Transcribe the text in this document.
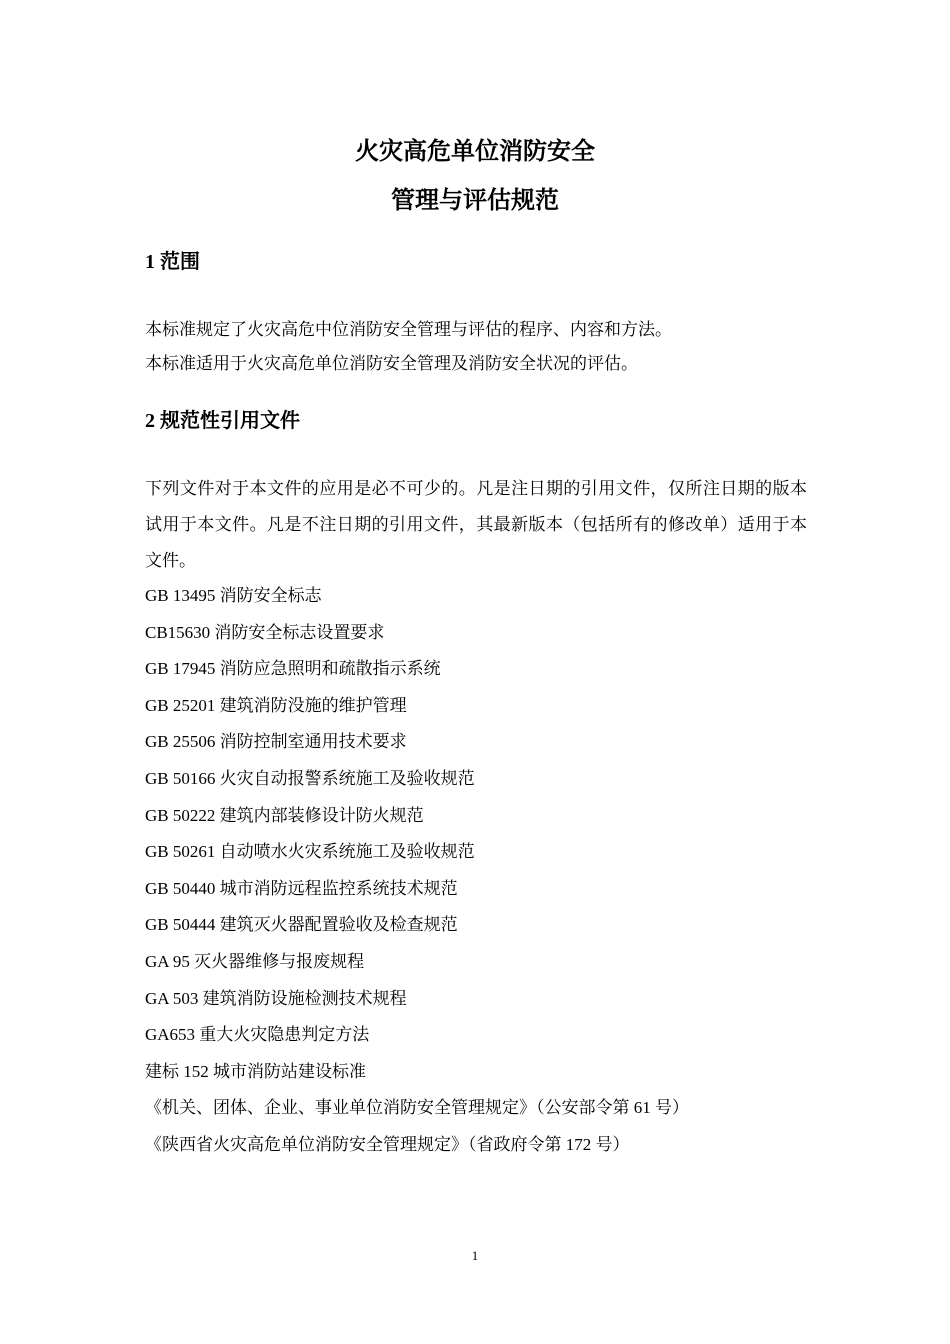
火灾高危单位消防安全
管理与评估规范
1 范围
本标准规定了火灾高危中位消防安全管理与评估的程序、内容和方法。
本标准适用于火灾高危单位消防安全管理及消防安全状况的评估。
2 规范性引用文件
下列文件对于本文件的应用是必不可少的。凡是注日期的引用文件，仅所注日期的版本试用于本文件。凡是不注日期的引用文件，其最新版本（包括所有的修改单）适用于本文件。
GB 13495 消防安全标志
CB15630 消防安全标志设置要求
GB 17945 消防应急照明和疏散指示系统
GB 25201 建筑消防没施的维护管理
GB 25506 消防控制室通用技术要求
GB 50166 火灾自动报警系统施工及验收规范
GB 50222 建筑内部装修设计防火规范
GB 50261 自动喷水火灾系统施工及验收规范
GB 50440 城市消防远程监控系统技术规范
GB 50444 建筑灭火器配置验收及检查规范
GA 95 灭火器维修与报废规程
GA 503 建筑消防设施检测技术规程
GA653 重大火灾隐患判定方法
建标 152 城市消防站建设标准
《机关、团体、企业、事业单位消防安全管理规定》（公安部令第 61 号）
《陕西省火灾高危单位消防安全管理规定》（省政府令第 172 号）
1
